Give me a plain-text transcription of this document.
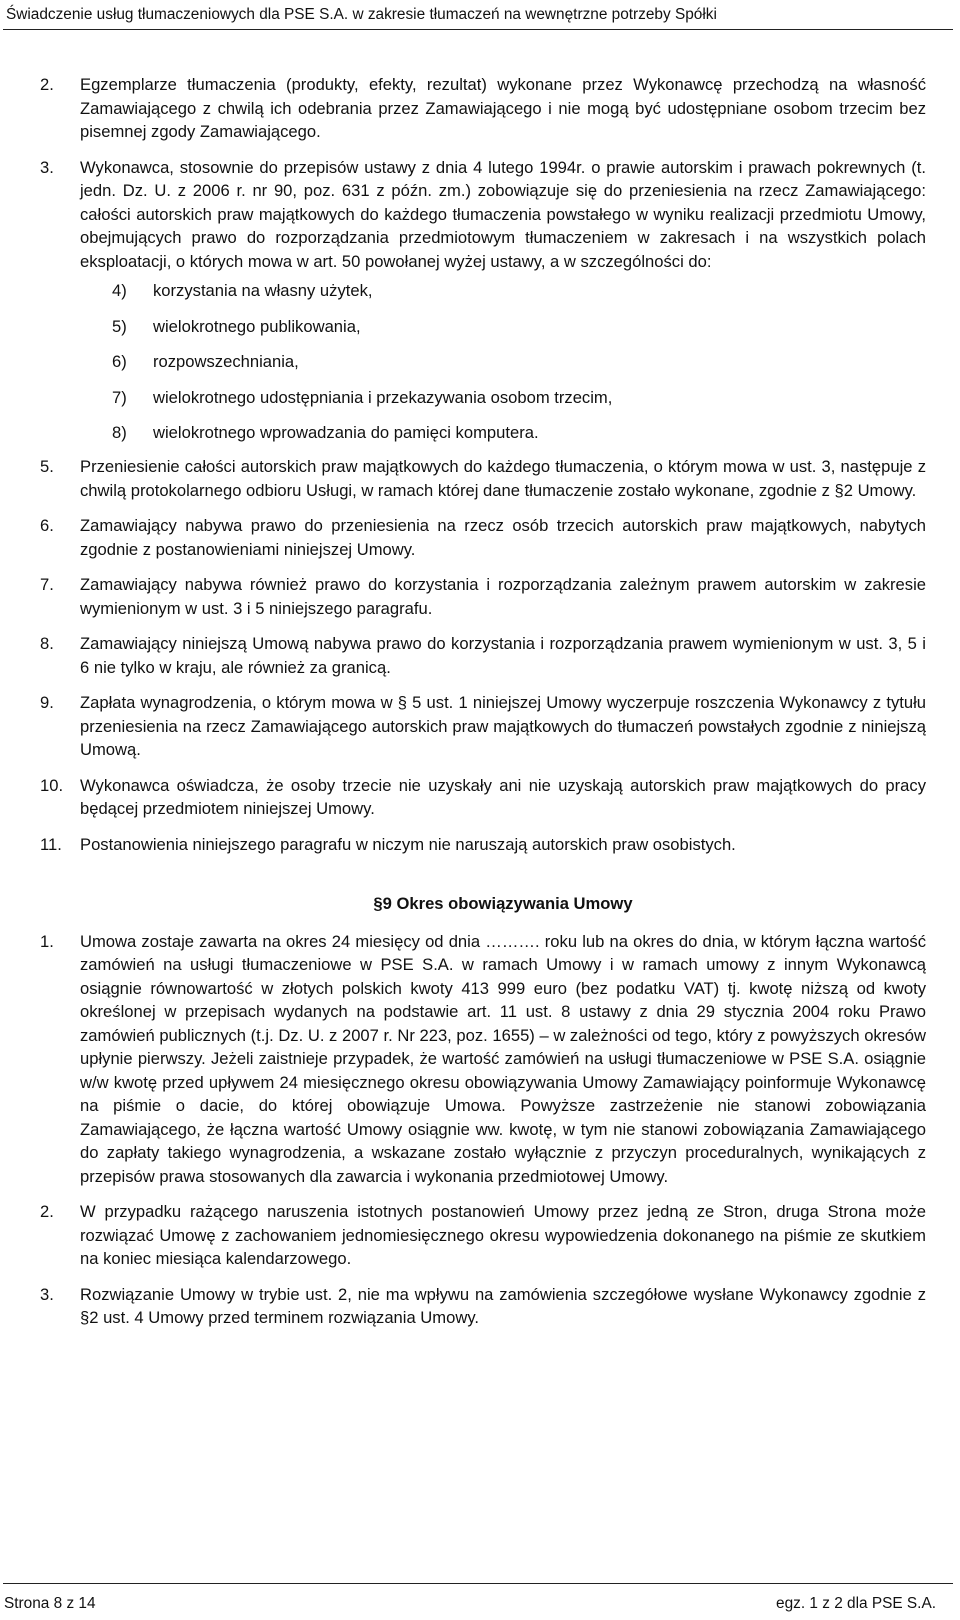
Świadczenie usług tłumaczeniowych dla PSE S.A. w zakresie tłumaczeń na wewnętrzne potrzeby Spółki
2. Egzemplarze tłumaczenia (produkty, efekty, rezultat) wykonane przez Wykonawcę przechodzą na własność Zamawiającego z chwilą ich odebrania przez Zamawiającego i nie mogą być udostępniane osobom trzecim bez pisemnej zgody Zamawiającego.
3. Wykonawca, stosownie do przepisów ustawy z dnia 4 lutego 1994r. o prawie autorskim i prawach pokrewnych (t. jedn. Dz. U. z 2006 r. nr 90, poz. 631 z późn. zm.) zobowiązuje się do przeniesienia na rzecz Zamawiającego: całości autorskich praw majątkowych do każdego tłumaczenia powstałego w wyniku realizacji przedmiotu Umowy, obejmujących prawo do rozporządzania przedmiotowym tłumaczeniem w zakresach i na wszystkich polach eksploatacji, o których mowa w art. 50 powołanej wyżej ustawy, a w szczególności do:
4) korzystania na własny użytek,
5) wielokrotnego publikowania,
6) rozpowszechniania,
7) wielokrotnego udostępniania i przekazywania osobom trzecim,
8) wielokrotnego wprowadzania do pamięci komputera.
5. Przeniesienie całości autorskich praw majątkowych do każdego tłumaczenia, o którym mowa w ust. 3, następuje z chwilą protokolarnego odbioru Usługi, w ramach której dane tłumaczenie zostało wykonane, zgodnie z §2 Umowy.
6. Zamawiający nabywa prawo do przeniesienia na rzecz osób trzecich autorskich praw majątkowych, nabytych zgodnie z postanowieniami niniejszej Umowy.
7. Zamawiający nabywa również prawo do korzystania i rozporządzania zależnym prawem autorskim w zakresie wymienionym w ust. 3 i 5 niniejszego paragrafu.
8. Zamawiający niniejszą Umową nabywa prawo do korzystania i rozporządzania prawem wymienionym w ust. 3, 5 i 6 nie tylko w kraju, ale również za granicą.
9. Zapłata wynagrodzenia, o którym mowa w § 5 ust. 1 niniejszej Umowy wyczerpuje roszczenia Wykonawcy z tytułu przeniesienia na rzecz Zamawiającego autorskich praw majątkowych do tłumaczeń powstałych zgodnie z niniejszą Umową.
10. Wykonawca oświadcza, że osoby trzecie nie uzyskały ani nie uzyskają autorskich praw majątkowych do pracy będącej przedmiotem niniejszej Umowy.
11. Postanowienia niniejszego paragrafu w niczym nie naruszają autorskich praw osobistych.
§9 Okres obowiązywania Umowy
1. Umowa zostaje zawarta na okres 24 miesięcy od dnia ………. roku lub na okres do dnia, w którym łączna wartość zamówień na usługi tłumaczeniowe w PSE S.A. w ramach Umowy i w ramach umowy z innym Wykonawcą osiągnie równowartość w złotych polskich kwoty 413 999 euro (bez podatku VAT) tj. kwotę niższą od kwoty określonej w przepisach wydanych na podstawie art. 11 ust. 8 ustawy z dnia 29 stycznia 2004 roku Prawo zamówień publicznych (t.j. Dz. U. z 2007 r. Nr 223, poz. 1655) – w zależności od tego, który z powyższych okresów upłynie pierwszy. Jeżeli zaistnieje przypadek, że wartość zamówień na usługi tłumaczeniowe w PSE S.A. osiągnie w/w kwotę przed upływem 24 miesięcznego okresu obowiązywania Umowy Zamawiający poinformuje Wykonawcę na piśmie o dacie, do której obowiązuje Umowa. Powyższe zastrzeżenie nie stanowi zobowiązania Zamawiającego, że łączna wartość Umowy osiągnie ww. kwotę, w tym nie stanowi zobowiązania Zamawiającego do zapłaty takiego wynagrodzenia, a wskazane zostało wyłącznie z przyczyn proceduralnych, wynikających z przepisów prawa stosowanych dla zawarcia i wykonania przedmiotowej Umowy.
2. W przypadku rażącego naruszenia istotnych postanowień Umowy przez jedną ze Stron, druga Strona może rozwiązać Umowę z zachowaniem jednomiesięcznego okresu wypowiedzenia dokonanego na piśmie ze skutkiem na koniec miesiąca kalendarzowego.
3. Rozwiązanie Umowy w trybie ust. 2, nie ma wpływu na zamówienia szczegółowe wysłane Wykonawcy zgodnie z §2 ust. 4 Umowy przed terminem rozwiązania Umowy.
Strona 8 z 14	egz. 1 z 2 dla PSE S.A.
